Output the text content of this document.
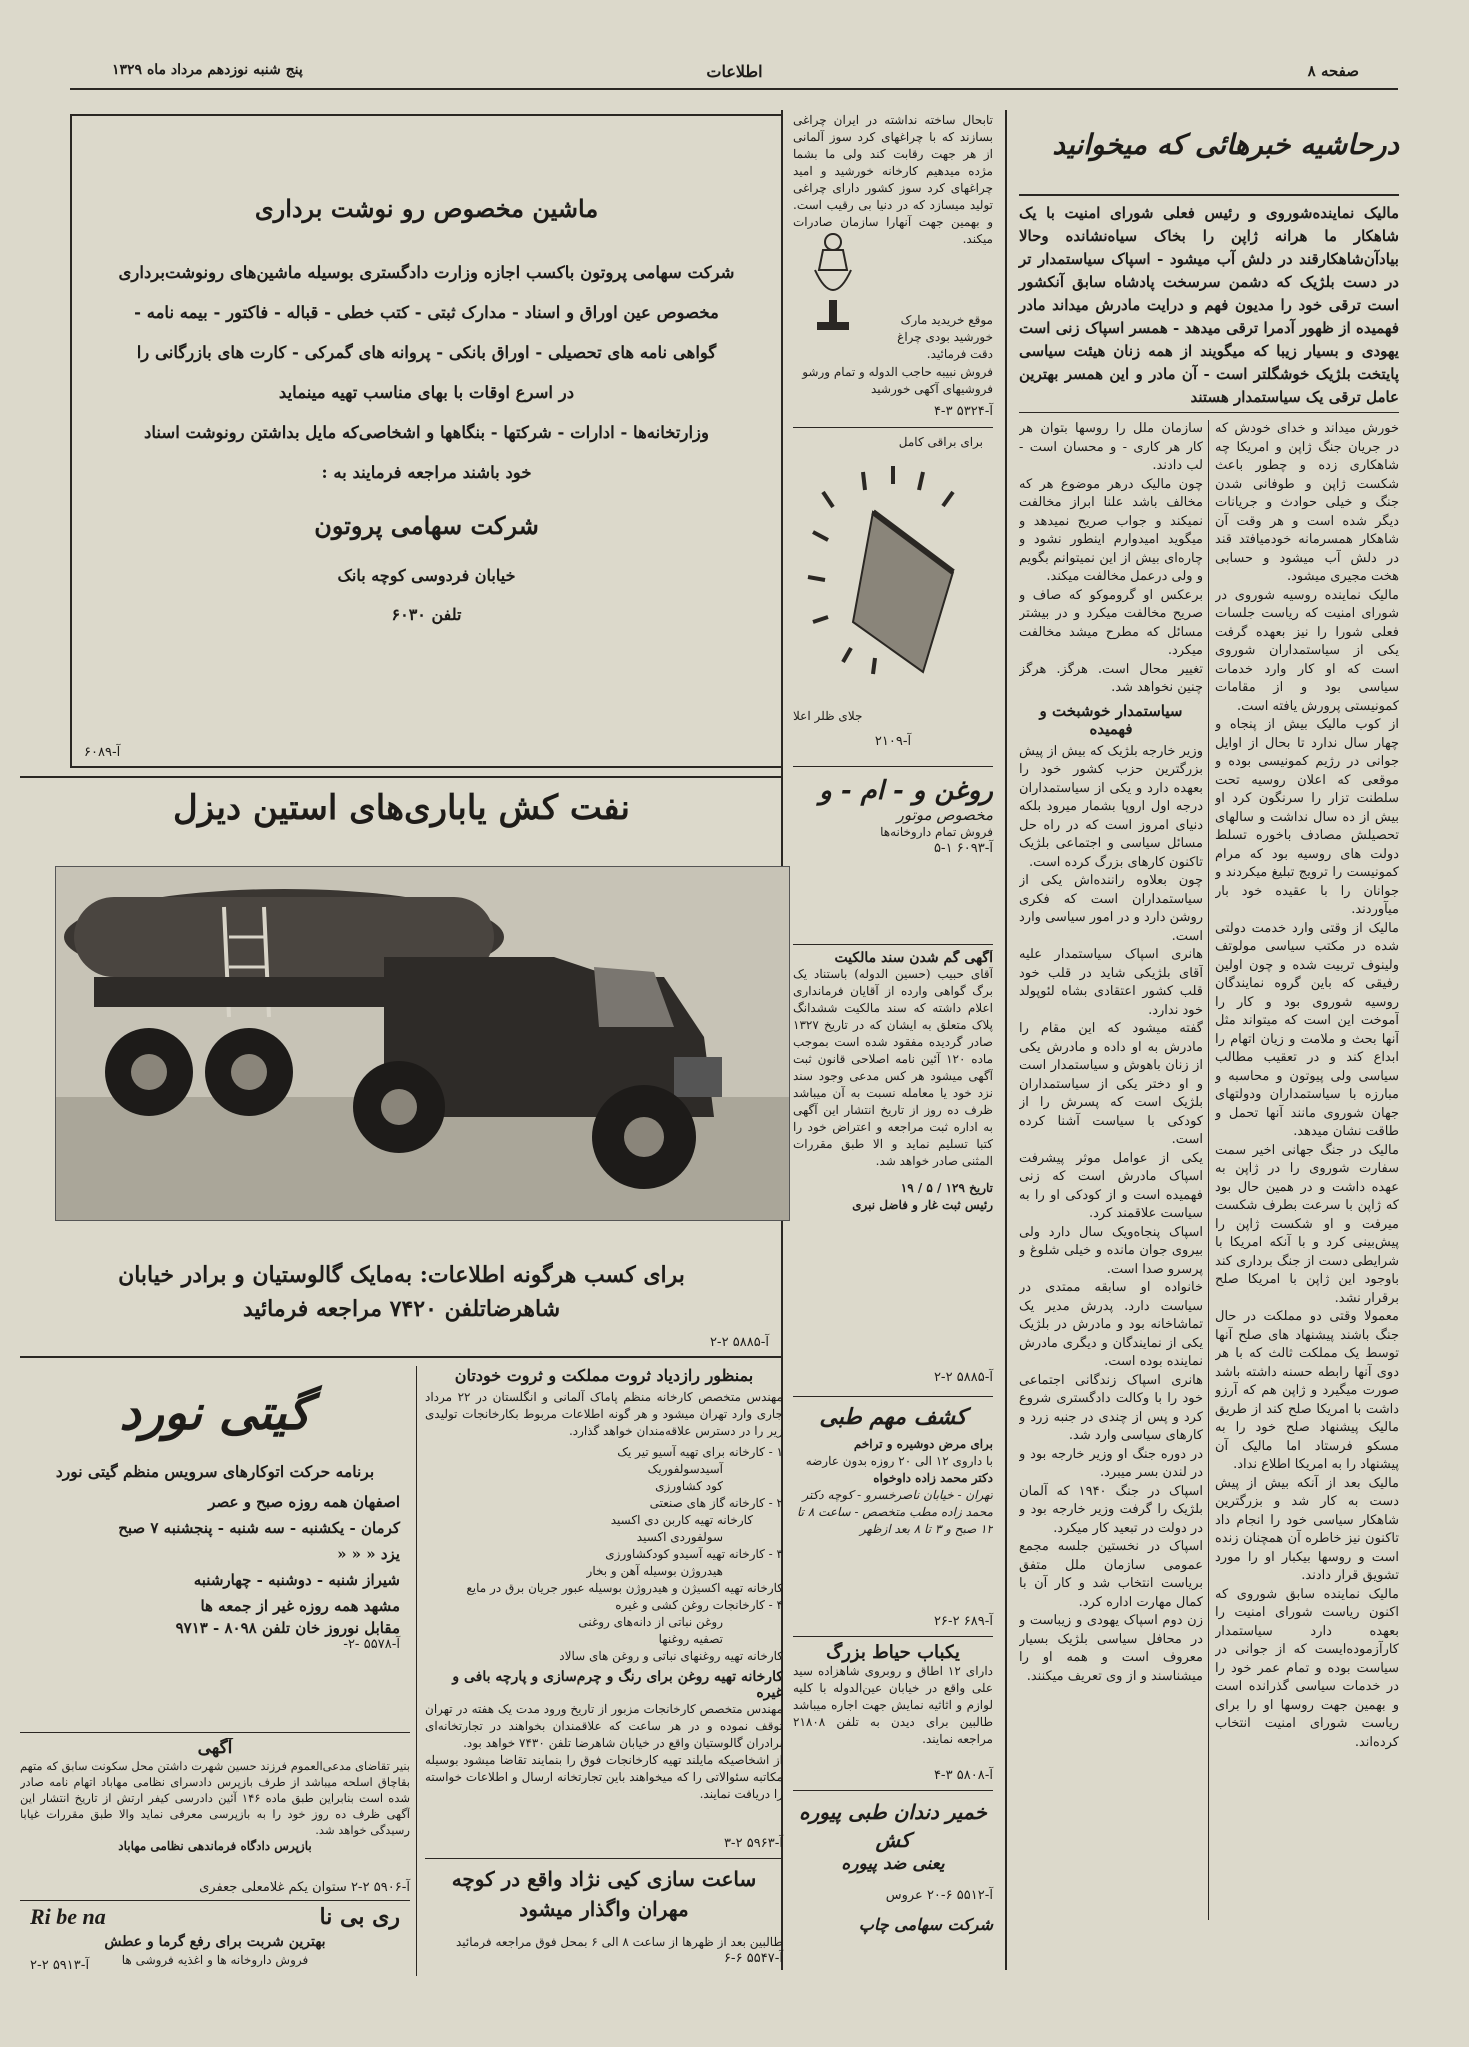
صفحه ۸
اطلاعات
پنج شنبه نوزدهم مرداد ماه ۱۳۲۹
درحاشیه خبرهائی که میخوانید
مالیک نماینده‌شوروی و رئیس فعلی شورای امنیت با یک شاهکار ما هرانه ژاپن را بخاک سیاه‌نشانده وحالا بیادآن‌شاهکارقند در دلش آب میشود - اسپاک سیاستمدار تر در دست بلژیک که دشمن سرسخت پادشاه سابق آنکشور است ترقی خود را مدیون فهم و درایت مادرش میداند مادر فهمیده از ظهور آدمرا ترقی میدهد - همسر اسپاک زنی است یهودی و بسیار زیبا که میگویند از همه زنان هیئت سیاسی پایتخت بلژیک خوشگلتر است - آن مادر و این همسر بهترین عامل ترقی یک سیاستمدار هستند

خورش میداند و خدای خودش که در جریان جنگ ژاپن و امریکا چه شاهکاری زده و چطور باعث شکست ژاپن و طوفانی شدن جنگ و خیلی حوادث و جریانات دیگر شده است و هر وقت آن شاهکار همسرمانه خودمیافتد قند در دلش آب میشود و حسابی هخت مجیری میشود.

مالیک نماینده روسیه شوروی در شورای امنیت که ریاست جلسات فعلی شورا را نیز بعهده گرفت یکی از سیاستمداران شوروی است که او کار وارد خدمات سیاسی بود و از مقامات کمونیستی پرورش یافته است.

از کوب مالیک بیش از پنجاه و چهار سال ندارد تا بحال از اوایل جوانی در رژیم کمونیسی بوده و موقعی که اعلان روسیه تحت سلطنت تزار را سرنگون کرد او بیش از ده سال نداشت و سالهای تحصیلش مصادف باخوره تسلط دولت های روسیه بود که مرام کمونیست را ترویج تبلیغ میکردند و جوانان را با عقیده خود بار میآوردند.

مالیک از وقتی وارد خدمت دولتی شده در مکتب سیاسی مولوتف ولینوف تربیت شده و چون اولین رفیقی که باین گروه نمایندگان روسیه شوروی بود و کار را آموخت این است که میتواند مثل آنها بحث و ملامت و زیان اتهام را ابداع کند و در تعقیب مطالب سیاسی ولی پیوتون و محاسبه و مبارزه با سیاستمداران ودولتهای جهان شوروی مانند آنها تحمل و طاقت نشان میدهد.

مالیک در جنگ جهانی اخیر سمت سفارت شوروی را در ژاپن به عهده داشت و در همین حال بود که ژاپن با سرعت بطرف شکست میرفت و او شکست ژاپن را پیش‌بینی کرد و با آنکه امریکا با شرایطی دست از جنگ برداری کند باوجود این ژاپن با امریکا صلح برقرار نشد.

معمولا وقتی دو مملکت در حال جنگ باشند پیشنهاد های صلح آنها توسط یک مملکت ثالث که با هر دوی آنها رابطه حسنه داشته باشد صورت میگیرد و ژاپن هم که آرزو داشت با امریکا صلح کند از طریق مالیک پیشنهاد صلح خود را به مسکو فرستاد اما مالیک آن پیشنهاد را به امریکا اطلاع نداد.

مالیک بعد از آنکه بیش از پیش دست به کار شد و بزرگترین شاهکار سیاسی خود را انجام داد تاکنون نیز خاطره آن همچنان زنده است و روسها بیکبار او را مورد تشویق قرار دادند.

مالیک نماینده سابق شوروی که اکنون ریاست شورای امنیت را بعهده دارد سیاستمدار کارآزموده‌ایست که از جوانی در سیاست بوده و تمام عمر خود را در خدمات سیاسی گذرانده است و بهمین جهت روسها او را برای ریاست شورای امنیت انتخاب کرده‌اند.

سازمان ملل را روسها بتوان هر کار هر کاری - و محسان است - لب دادند.

چون مالیک درهر موضوع هر که مخالف باشد علنا ابراز مخالفت نمیکند و جواب صریح نمیدهد و میگوید امیدوارم اینطور نشود و چاره‌ای بیش از این نمیتوانم بگویم و ولی درعمل مخالفت میکند.

برعکس او گروموکو که صاف و صریح مخالفت میکرد و در بیشتر مسائل که مطرح میشد مخالفت میکرد.

تغییر محال است. هرگز. هرگز چنین نخواهد شد.

سیاستمدار خوشبخت و فهمیده

وزیر خارجه بلژیک که بیش از پیش بزرگترین حزب کشور خود را بعهده دارد و یکی از سیاستمداران درجه اول اروپا بشمار میرود بلکه دنیای امروز است که در راه حل مسائل سیاسی و اجتماعی بلژیک تاکنون کارهای بزرگ کرده است.

چون بعلاوه راننده‌اش یکی از سیاستمداران است که فکری روشن دارد و در امور سیاسی وارد است.

هانری اسپاک سیاستمدار علیه‌ آقای بلژیکی شاید در قلب خود قلب کشور اعتقادی بشاه لئوپولد خود ندارد.

گفته میشود که این مقام را مادرش به او داده و مادرش یکی از زنان باهوش و سیاستمدار است و او دختر یکی از سیاستمداران بلژیک است که پسرش را از کودکی با سیاست آشنا کرده است.

یکی از عوامل موثر پیشرفت اسپاک مادرش است که زنی فهمیده است و از کودکی او را به سیاست علاقمند کرد.

اسپاک پنجاه‌ویک سال دارد ولی بیروی جوان مانده و خیلی شلوغ و پرسرو صدا است.

خانواده او سابقه ممتدی در سیاست دارد. پدرش مدیر یک تماشاخانه بود و مادرش در بلژیک یکی از نمایندگان و دیگری مادرش نماینده بوده است.

هانری اسپاک زندگانی اجتماعی خود را با وکالت دادگستری شروع کرد و پس از چندی در جنبه زرد و کارهای سیاسی وارد شد.

در دوره جنگ او وزیر خارجه بود و در لندن بسر میبرد.

اسپاک در جنگ ۱۹۴۰ که آلمان بلژیک را گرفت وزیر خارجه بود و در دولت در تبعید کار میکرد.

اسپاک در نخستین جلسه مجمع عمومی سازمان ملل متفق بریاست انتخاب شد و کار آن با کمال مهارت اداره کرد.

زن دوم اسپاک یهودی و زیباست و در محافل سیاسی بلژیک بسیار معروف است و همه او را میشناسند و از وی تعریف میکنند.

تابحال ساخته نداشته در ایران چراغی بسازند که با چراغهای کرد سوز آلمانی از هر جهت رقابت کند ولی ما بشما مژده میدهیم کارخانه خورشید و امید چراغهای کرد سوز کشور دارای چراغی تولید میسازد که در دنیا بی رقیب است. و بهمین جهت آنهارا سازمان صادرات میکند.
موقع خریدید مارک خورشید بودی چراغ دقت فرمائید.
فروش نبیبه حاجب الدوله و تمام ورشو فروشیهای آکهی خورشید
آ-۵۳۲۴ ۳-۴
برای براقی کامل
جلای ظلر اعلا
آ-۲۱۰۹
روغن و - ام - و
مخصوص موتور
فروش تمام داروخانه‌ها
آ-۶۰۹۳ ۱-۵
آگهی گم شدن سند مالکیت
آقای حبیب (حسین الدوله) باستناد یک برگ گواهی وارده از آقایان فرمانداری اعلام داشته که سند مالکیت ششدانگ پلاک متعلق به ایشان که در تاریخ ۱۳۲۷ صادر گردیده مفقود شده است بموجب ماده ۱۲۰ آئین نامه اصلاحی قانون ثبت آگهی میشود هر کس مدعی وجود سند نزد خود یا معامله نسبت به آن میباشد ظرف ده روز از تاریخ انتشار این آگهی به اداره ثبت مراجعه و اعتراض خود را کتبا تسلیم نماید و الا طبق مقررات المثنی صادر خواهد شد.
تاریخ ۱۲۹ / ۵ / ۱۹
رئیس ثبت غار و فاضل نبری
آ-۵۸۸۵ ۲-۲
کشف مهم طبی
برای مرض دوشیره و تراخم
با داروی ۱۲ الی ۲۰ روزه بدون عارضه
دکتر محمد زاده داوخواه
تهران - خیابان ناصرخسرو - کوچه دکتر محمد زاده مطب متخصص - ساعت ۸ تا ۱۲ صبح و ۳ تا ۸ بعد ازظهر
آ-۶۸۹ ۲-۲۶
یکباب حیاط بزرگ
دارای ۱۲ اطاق و روبروی شاهزاده سید علی واقع در خیابان عین‌الدوله با کلیه لوازم و اثاثیه نمایش جهت اجاره میباشد طالبین برای دیدن به تلفن ۲۱۸۰۸ مراجعه نمایند.
آ-۵۸۰۸ ۳-۴
خمیر دندان طبی پیوره کش
یعنی ضد پیوره
آ-۵۵۱۲ ۶-۲۰ عروس
شرکت سهامی چاپ
ماشین مخصوص رو نوشت برداری
شرکت سهامی پروتون باکسب اجازه وزارت دادگستری بوسیله ماشین‌های رونوشت‌برداری
مخصوص عین اوراق و اسناد - مدارک ثبتی - کتب خطی - قباله - فاکتور - بیمه نامه -
گواهی نامه های تحصیلی - اوراق بانکی - پروانه های گمرکی - کارت های بازرگانی را
در اسرع اوقات با بهای مناسب تهیه مینماید
وزارتخانه‌ها - ادارات - شرکتها - بنگاهها و اشخاصی‌که مایل بداشتن رونوشت اسناد
خود باشند مراجعه فرمایند به :
شرکت سهامی پروتون
خیابان فردوسی کوچه بانک
تلفن ۶۰۳۰
آ-۶۰۸۹
نفت کش یاباری‌های استین دیزل
برای کسب هرگونه اطلاعات: به‌مایک گالوستیان و برادر خیابان
شاهرضاتلفن ۷۴۲۰ مراجعه فرمائید
آ-۵۸۸۵ ۲-۲
بمنظور رازدیاد ثروت مملکت و ثروت خودتان
مهندس متخصص کارخانه منظم پاماک آلمانی و انگلستان در ۲۲ مرداد جاری وارد تهران میشود و هر گونه اطلاعات مربوط بکارخانجات تولیدی زیر را در دسترس علاقه‌مندان خواهد گذارد.
۱ - کارخانه برای تهیه آسیو تیر یک
آسیدسولفوریک
کود کشاورزی
۲ - کارخانه گاز های صنعتی
کارخانه تهیه کاربن دی اکسید
سولفوردی اکسید
۳ - کارخانه تهیه آسیدو کودکشاورزی
هیدروژن بوسیله آهن و بخار
کارخانه تهیه اکسیژن و هیدروژن بوسیله عبور جریان برق در مایع
۴ - کارخانجات روغن کشی و غیره
روغن نباتی از دانه‌های روغنی
تصفیه روغنها
کارخانه تهیه روغنهای نباتی و روغن های سالاد
کارخانه تهیه روغن برای رنگ و چرم‌سازی و پارچه بافی و غیره
مهندس متخصص کارخانجات مزبور از تاریخ ورود مدت یک هفته در تهران توقف نموده و در هر ساعت که علاقمندان بخواهند در تجارتخانه‌ای برادران گالوستیان واقع در خیابان شاهرضا تلفن ۷۴۳۰ خواهد بود.
از اشخاصیکه مایلند تهیه کارخانجات فوق را بنمایند تقاضا میشود بوسیله مکاتبه سئوالاتی را که میخواهند باین تجارتخانه ارسال و اطلاعات خواسته را دریافت نمایند.
آ-۵۹۶۳ ۲-۳
ساعت سازی کیی نژاد واقع در کوچه مهران واگذار میشود
طالبین بعد از ظهرها از ساعت ۸ الی ۶ بمحل فوق مراجعه فرمائید
آ-۵۵۴۷ ۶-۶
گیتی نورد
برنامه حرکت اتوکارهای سرویس منظم گیتی نورد
اصفهان همه روزه صبح و عصر
کرمان - یکشنبه - سه شنبه - پنجشنبه ۷ صبح
یزد « « «
شیراز شنبه - دوشنبه - چهارشنبه
مشهد همه روزه غیر از جمعه ها
مقابل نوروز خان تلفن ۸۰۹۸ - ۹۷۱۳
آ-۵۵۷۸ -۲-
آگهی
بنیر تقاضای مدعی‌العموم فرزند حسین شهرت داشتن محل سکونت سابق که متهم بقاچاق اسلحه میباشد از طرف بازپرس دادسرای نظامی مهاباد اتهام نامه صادر شده است بنابراین طبق ماده ۱۴۶ آئین دادرسی کیفر ارتش از تاریخ انتشار این آگهی ظرف ده روز خود را به بازپرسی معرفی نماید والا طبق مقررات غیابا رسیدگی خواهد شد.
بازپرس دادگاه فرماندهی نظامی مهاباد
آ-۵۹۰۶ ۲-۲ ستوان یکم غلامعلی جعفری
Ri be na	ری بی نا
بهترین شربت برای رفع گرما و عطش
فروش داروخانه ها و اغذیه فروشی ها
آ-۵۹۱۳ ۲-۲
